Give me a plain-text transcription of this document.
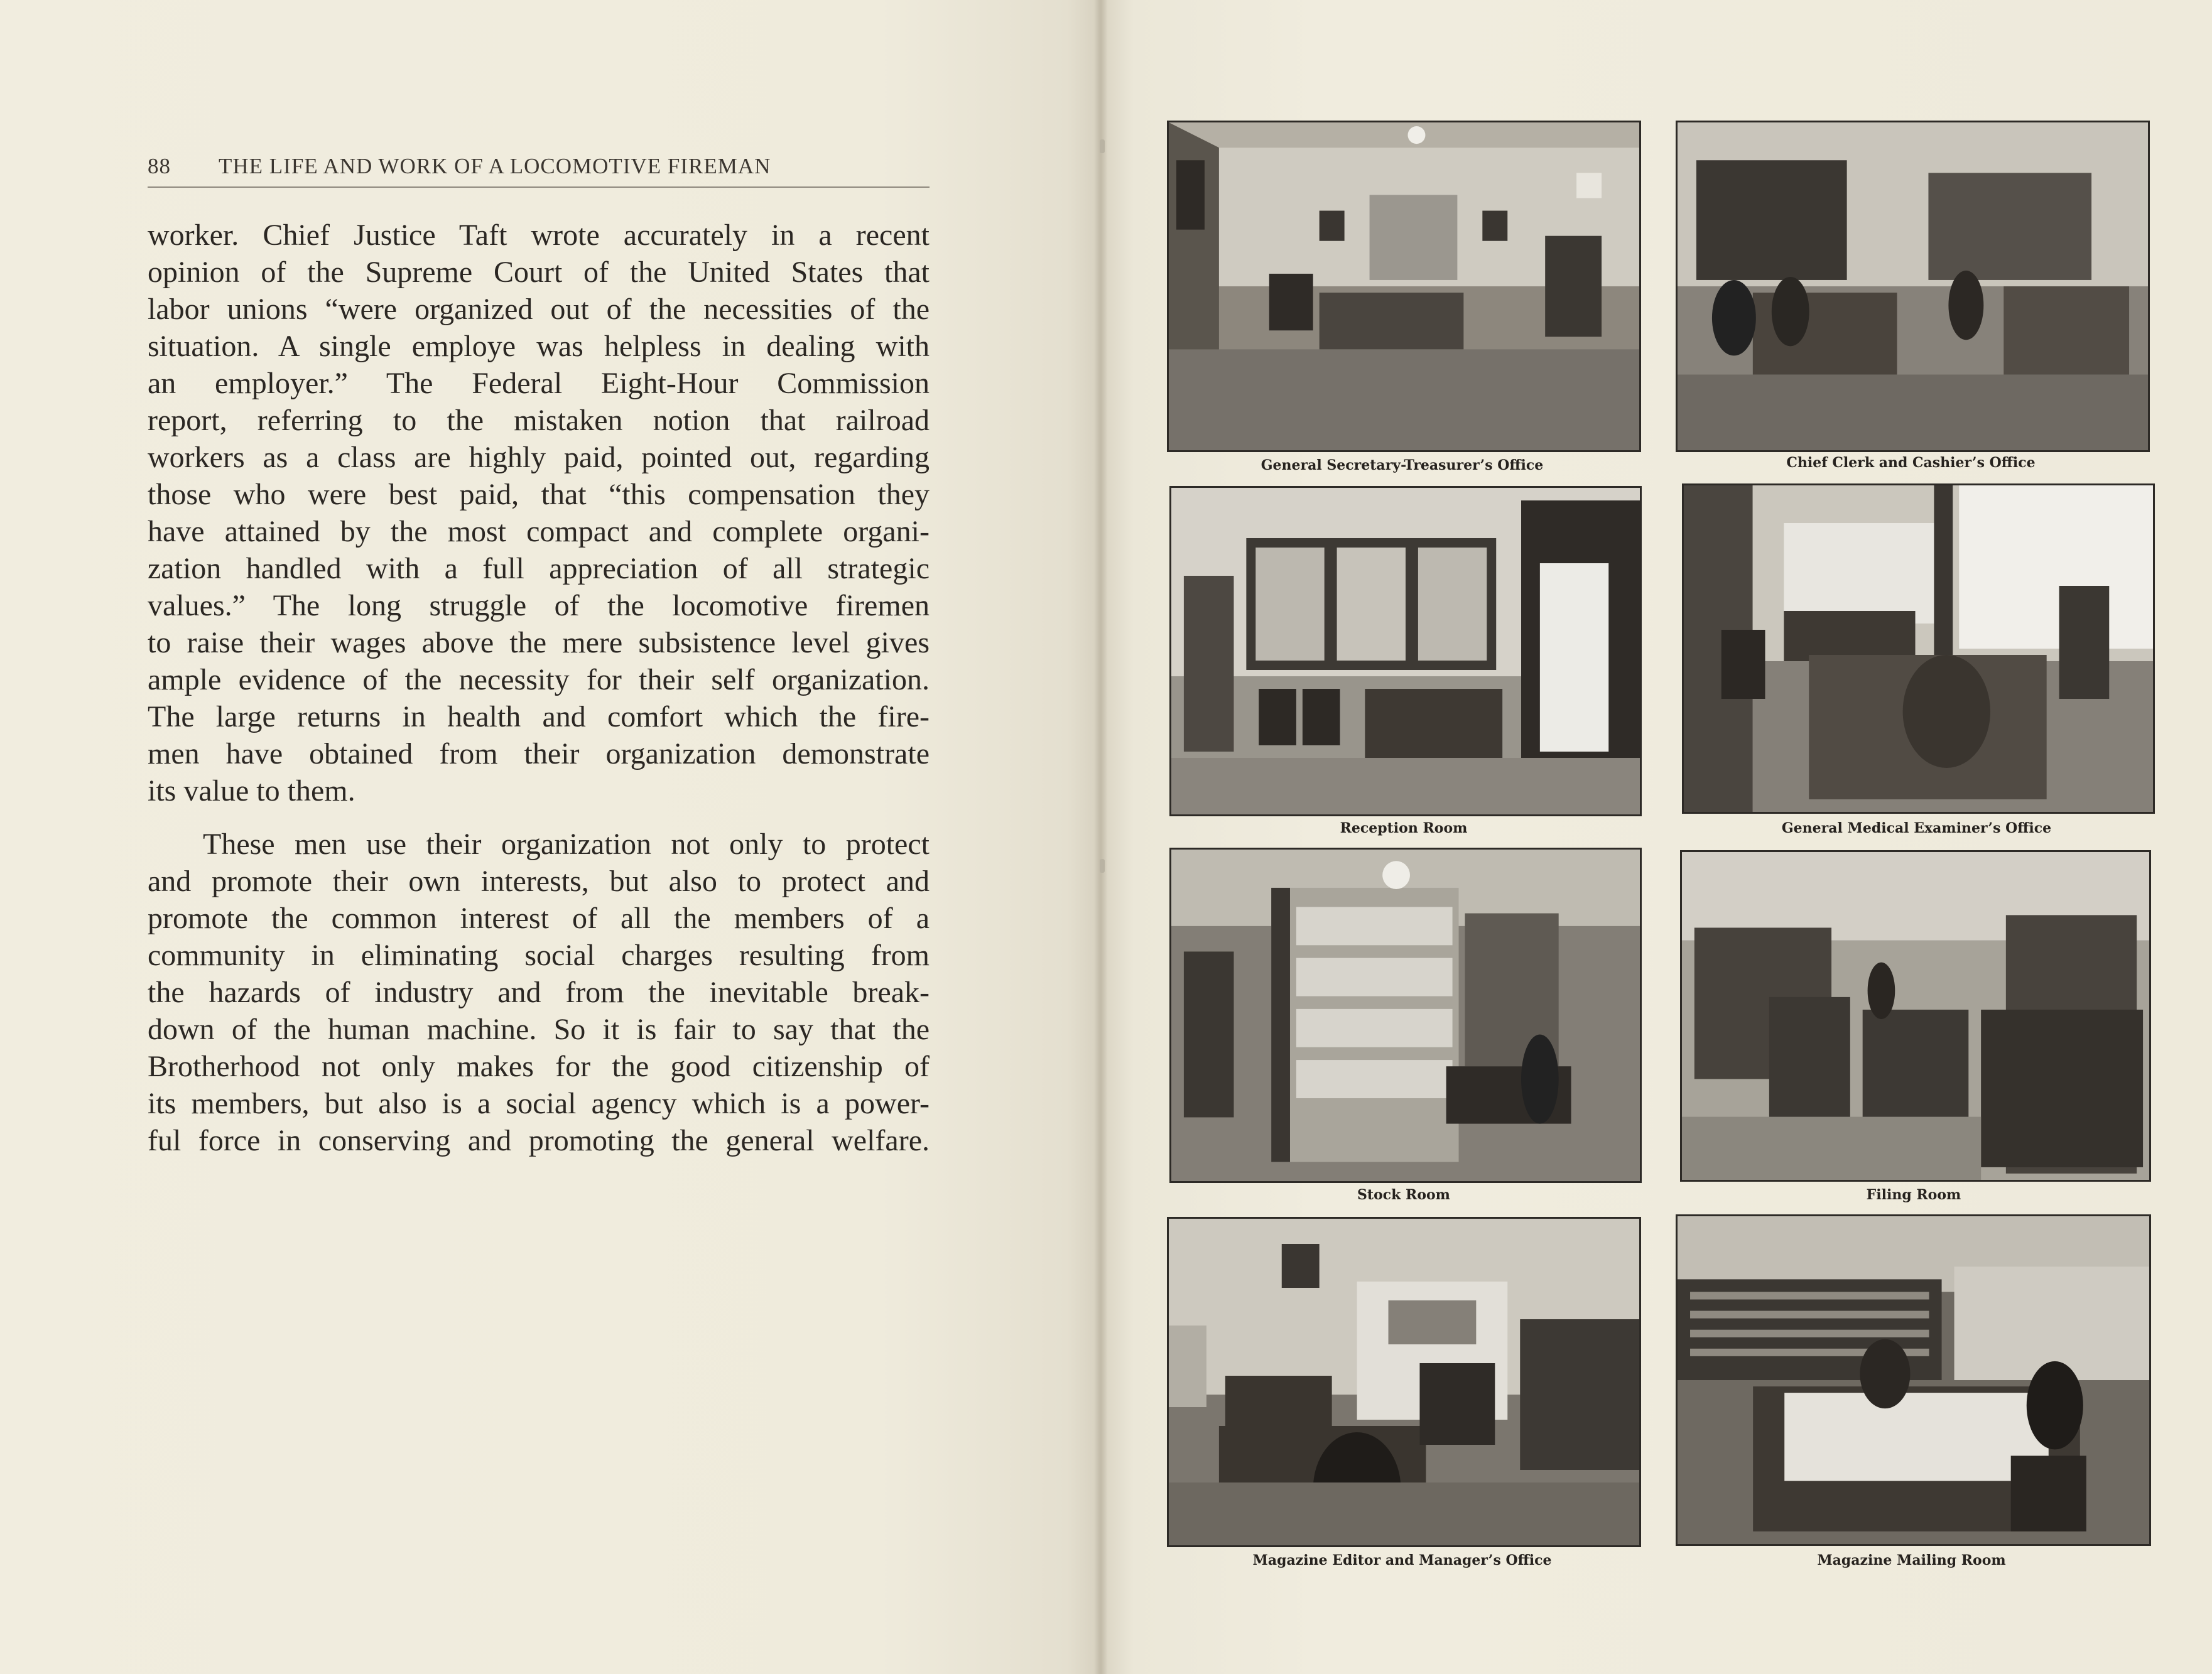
88 THE LIFE AND WORK OF A LOCOMOTIVE FIREMAN
worker. Chief Justice Taft wrote accurately in a recent
opinion of the Supreme Court of the United States that
labor unions “were organized out of the necessities of the
situation. A single employe was helpless in dealing with
an employer.” The Federal Eight-Hour Commission
report, referring to the mistaken notion that railroad
workers as a class are highly paid, pointed out, regarding
those who were best paid, that “this compensation they
have attained by the most compact and complete organi-
zation handled with a full appreciation of all strategic
values.” The long struggle of the locomotive firemen
to raise their wages above the mere subsistence level gives
ample evidence of the necessity for their self organization.
The large returns in health and comfort which the fire-
men have obtained from their organization demonstrate
its value to them.
These men use their organization not only to protect
and promote their own interests, but also to protect and
promote the common interest of all the members of a
community in eliminating social charges resulting from
the hazards of industry and from the inevitable break-
down of the human machine. So it is fair to say that the
Brotherhood not only makes for the good citizenship of
its members, but also is a social agency which is a power-
ful force in conserving and promoting the general welfare.
General Secretary-Treasurer’s Office	Chief Clerk and Cashier’s Office
Reception Room	General Medical Examiner’s Office
Stock Room	Filing Room
Magazine Editor and Manager’s Office	Magazine Mailing Room
